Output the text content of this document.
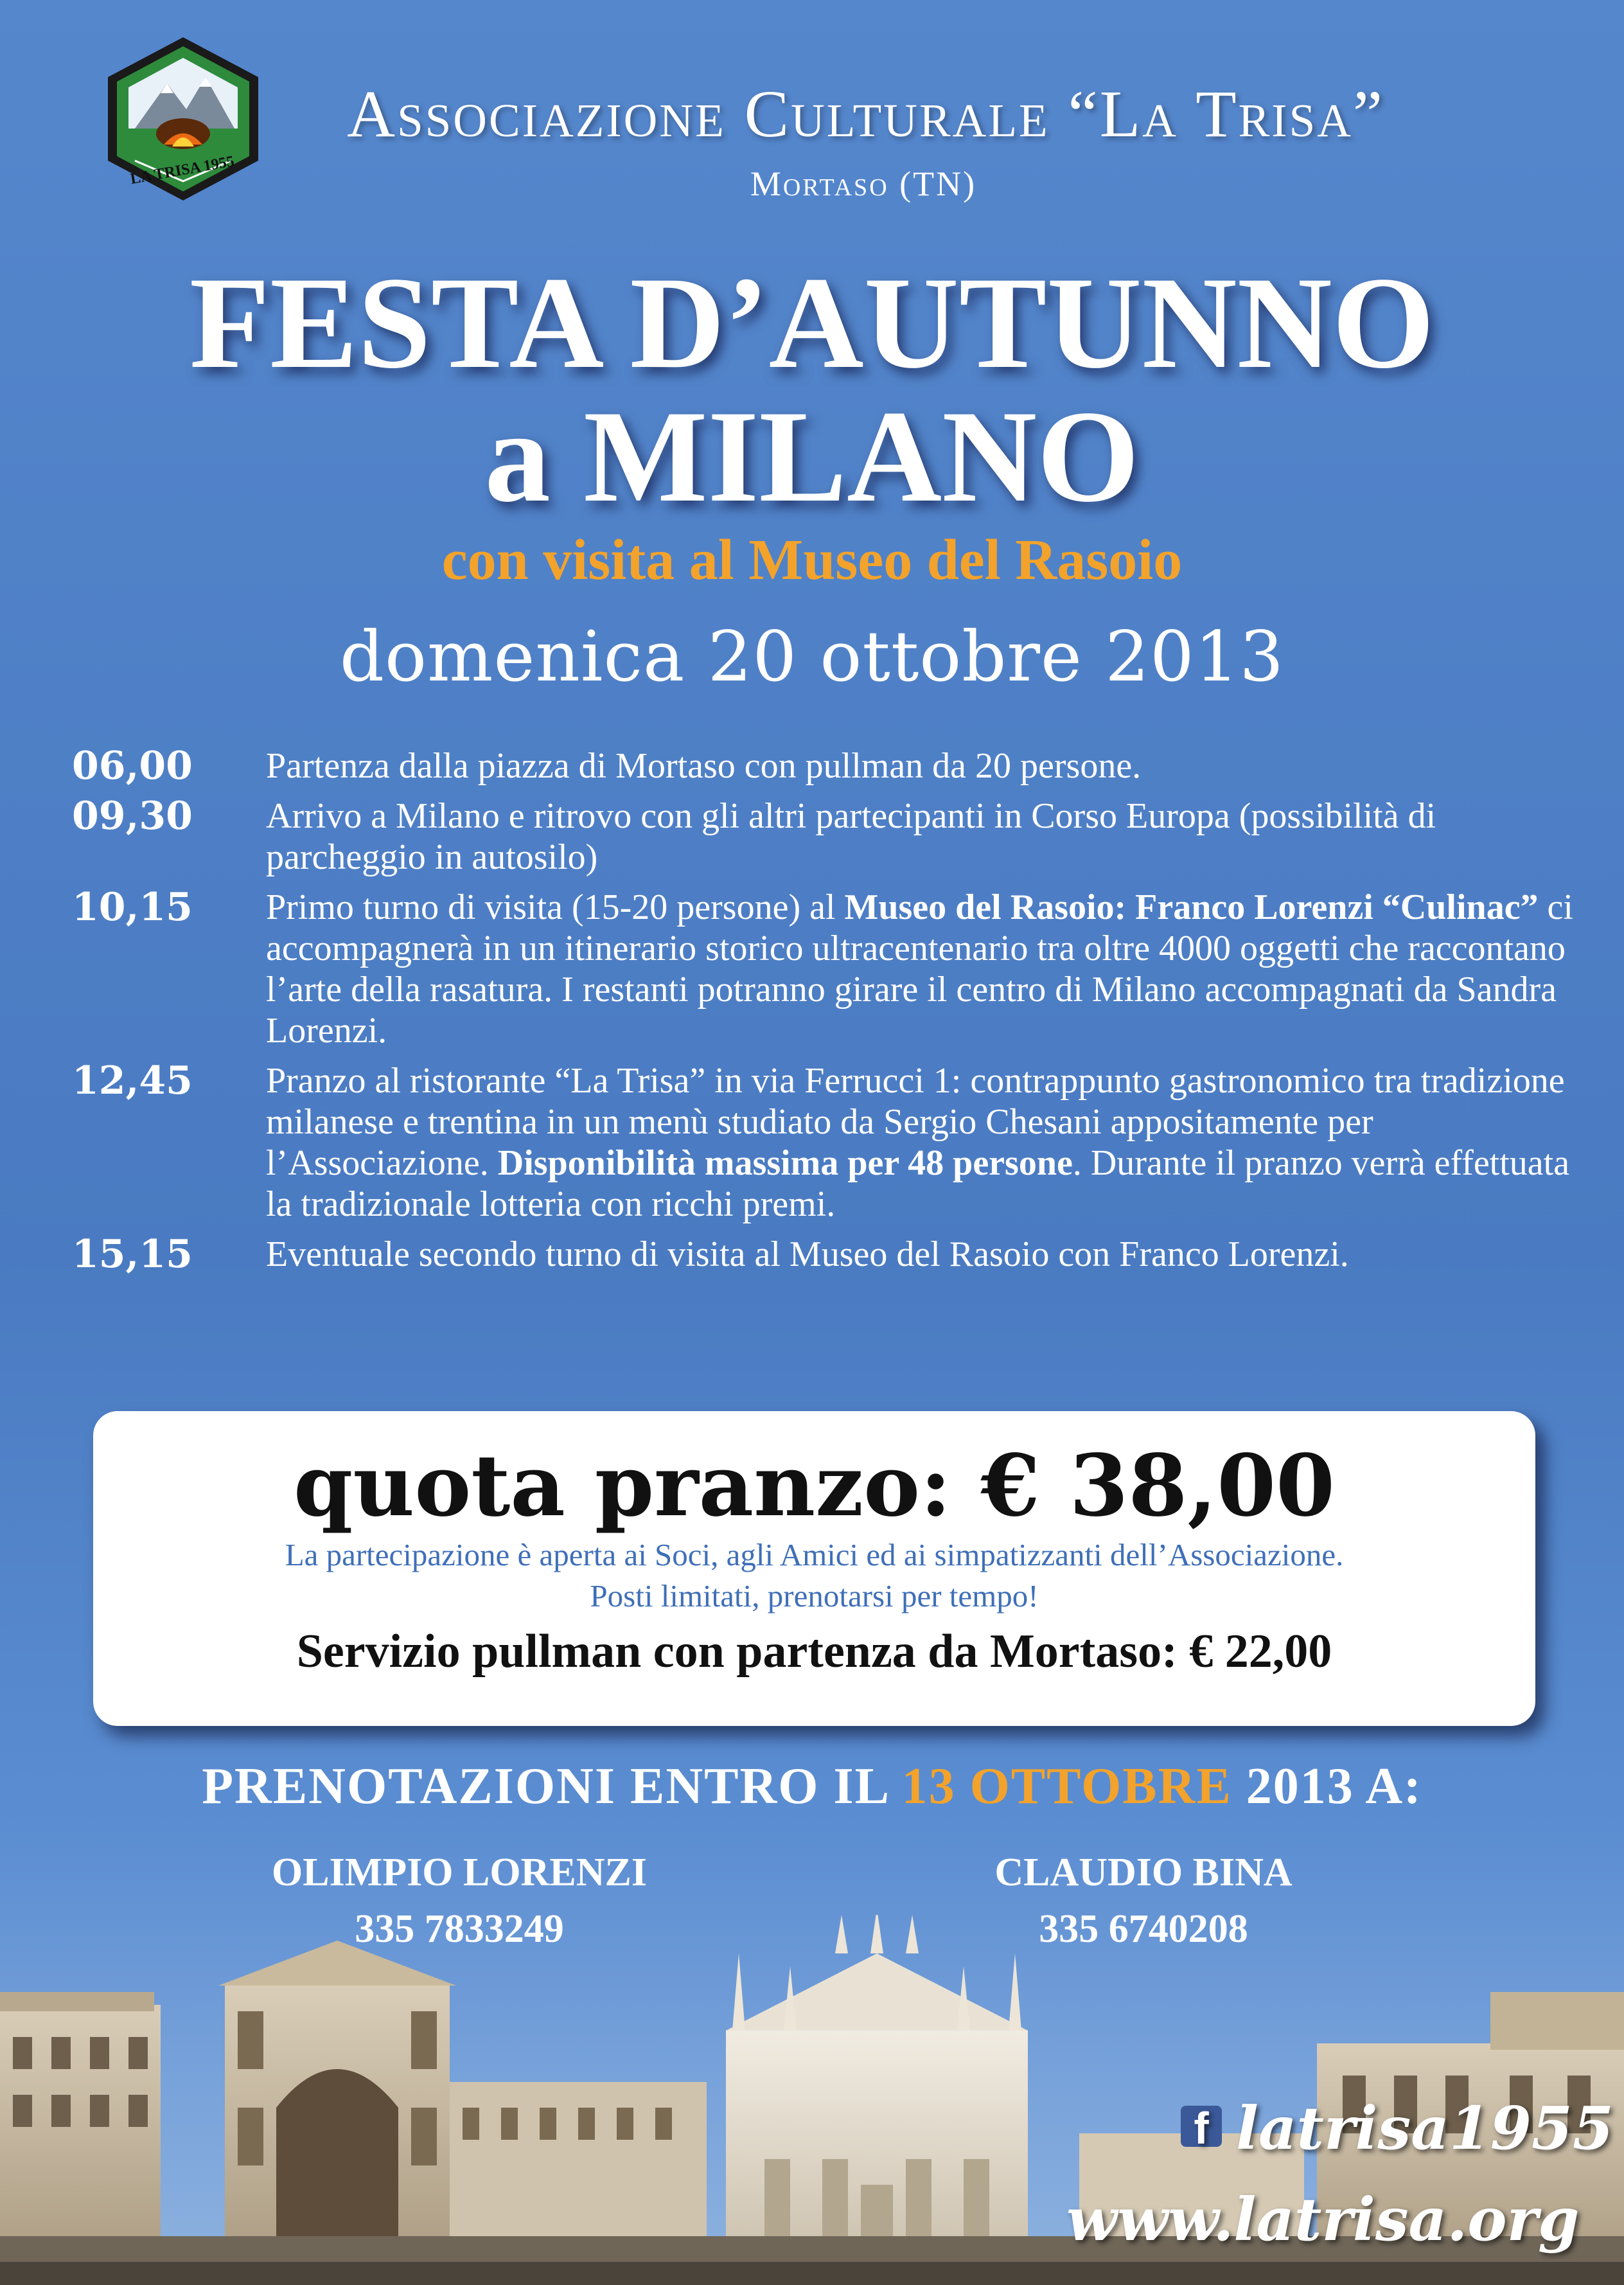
LA TRISA 1955
Associazione Culturale “La Trisa”
Mortaso (TN)
FESTA D’AUTUNNO
a MILANO
con visita al Museo del Rasoio
domenica 20 ottobre 2013
06,00	Partenza dalla piazza di Mortaso con pullman da 20 persone.
09,30	Arrivo a Milano e ritrovo con gli altri partecipanti in Corso Europa (possibilità di parcheggio in autosilo)
10,15	Primo turno di visita (15-20 persone) al Museo del Rasoio: Franco Lorenzi “Culinac” ci accompagnerà in un itinerario storico ultracentenario tra oltre 4000 oggetti che raccontano l’arte della rasatura. I restanti potranno girare il centro di Milano accompagnati da Sandra Lorenzi.
12,45	Pranzo al ristorante “La Trisa” in via Ferrucci 1: contrappunto gastronomico tra tradizione milanese e trentina in un menù studiato da Sergio Chesani appositamente per l’Associazione. Disponibilità massima per 48 persone. Durante il pranzo verrà effettuata la tradizionale lotteria con ricchi premi.
15,15	Eventuale secondo turno di visita al Museo del Rasoio con Franco Lorenzi.
quota pranzo: € 38,00
La partecipazione è aperta ai Soci, agli Amici ed ai simpatizzanti dell’Associazione.
Posti limitati, prenotarsi per tempo!
Servizio pullman con partenza da Mortaso: € 22,00
PRENOTAZIONI ENTRO IL 13 OTTOBRE 2013 A:
OLIMPIO LORENZI
335 7833249
CLAUDIO BINA
335 6740208
f latrisa1955
www.latrisa.org
